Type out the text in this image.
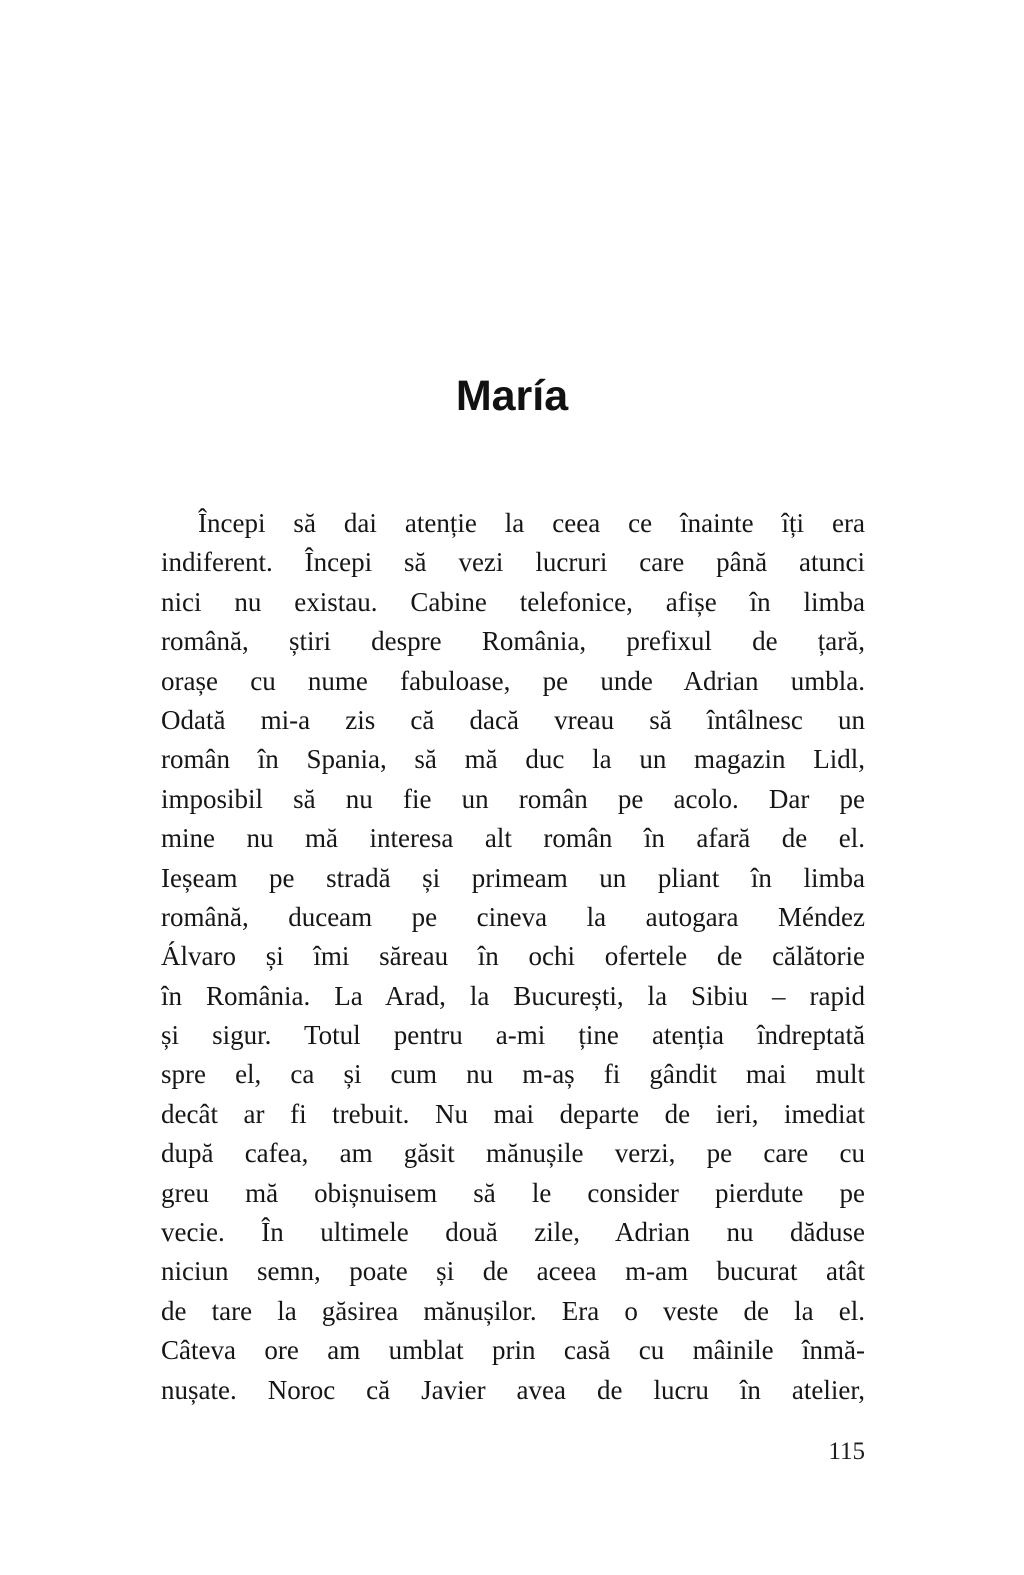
María
Începi să dai atenție la ceea ce înainte îți era
indiferent. Începi să vezi lucruri care până atunci
nici nu existau. Cabine telefonice, afișe în limba
română, știri despre România, prefixul de țară,
orașe cu nume fabuloase, pe unde Adrian umbla.
Odată mi-a zis că dacă vreau să întâlnesc un
român în Spania, să mă duc la un magazin Lidl,
imposibil să nu fie un român pe acolo. Dar pe
mine nu mă interesa alt român în afară de el.
Ieșeam pe stradă și primeam un pliant în limba
română, duceam pe cineva la autogara Méndez
Álvaro și îmi săreau în ochi ofertele de călătorie
în România. La Arad, la București, la Sibiu – rapid
și sigur. Totul pentru a-mi ține atenția îndreptată
spre el, ca și cum nu m-aș fi gândit mai mult
decât ar fi trebuit. Nu mai departe de ieri, imediat
după cafea, am găsit mănușile verzi, pe care cu
greu mă obișnuisem să le consider pierdute pe
vecie. În ultimele două zile, Adrian nu dăduse
niciun semn, poate și de aceea m-am bucurat atât
de tare la găsirea mănușilor. Era o veste de la el.
Câteva ore am umblat prin casă cu mâinile înmă-
nușate. Noroc că Javier avea de lucru în atelier,
115
